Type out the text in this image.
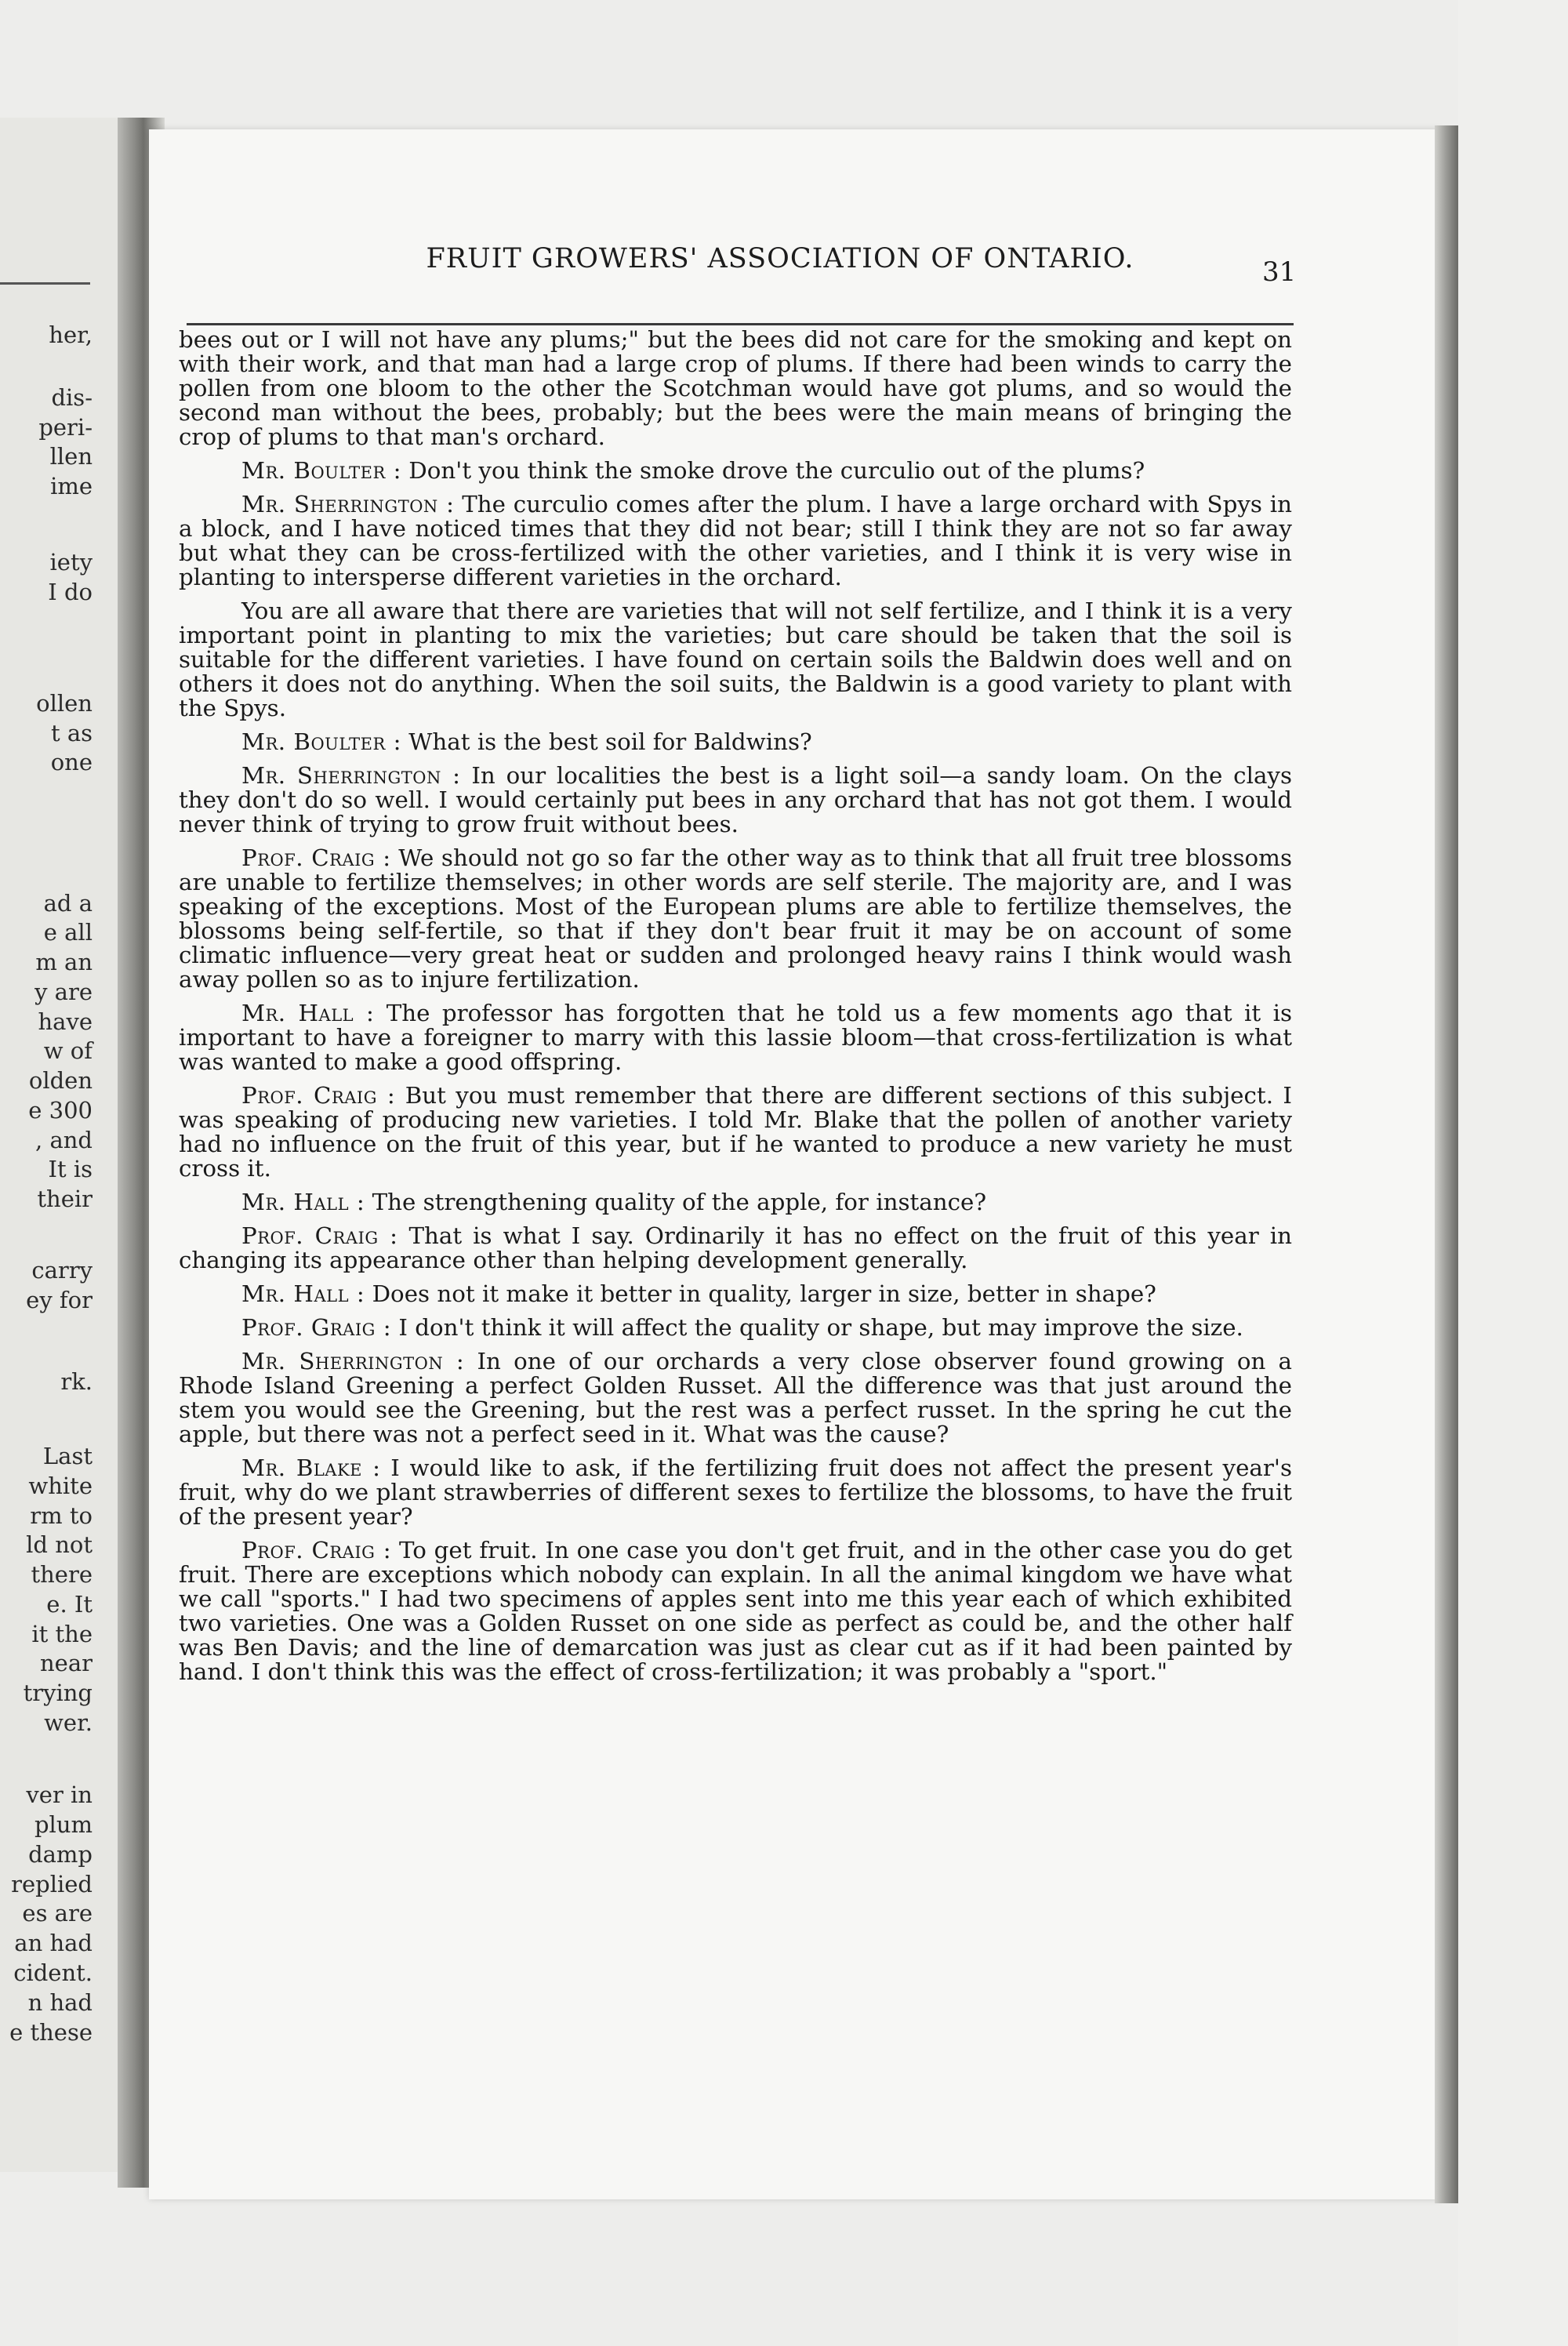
her,
dis-
peri-
llen
ime
iety
I do
ollen
t as
one
ad a
e all
m an
y are
have
w of
olden
e 300
, and
It is
their
carry
ey for
rk.
Last
white
rm to
ld not
there
e. It
it the
near
trying
wer.
ver in
plum
damp
replied
es are
an had
cident.
n had
e these
FRUIT GROWERS' ASSOCIATION OF ONTARIO.	31

bees out or I will not have any plums;" but the bees did not care for the smoking and kept on with their work, and that man had a large crop of plums. If there had been winds to carry the pollen from one bloom to the other the Scotchman would have got plums, and so would the second man without the bees, probably; but the bees were the main means of bringing the crop of plums to that man's orchard.

Mr. Boulter : Don't you think the smoke drove the curculio out of the plums?

Mr. Sherrington : The curculio comes after the plum. I have a large orchard with Spys in a block, and I have noticed times that they did not bear; still I think they are not so far away but what they can be cross-fertilized with the other varieties, and I think it is very wise in planting to intersperse different varieties in the orchard.

You are all aware that there are varieties that will not self fertilize, and I think it is a very important point in planting to mix the varieties; but care should be taken that the soil is suitable for the different varieties. I have found on certain soils the Baldwin does well and on others it does not do anything. When the soil suits, the Baldwin is a good variety to plant with the Spys.

Mr. Boulter : What is the best soil for Baldwins?

Mr. Sherrington : In our localities the best is a light soil—a sandy loam. On the clays they don't do so well. I would certainly put bees in any orchard that has not got them. I would never think of trying to grow fruit without bees.

Prof. Craig : We should not go so far the other way as to think that all fruit tree blossoms are unable to fertilize themselves; in other words are self sterile. The majority are, and I was speaking of the exceptions. Most of the European plums are able to fertilize themselves, the blossoms being self-fertile, so that if they don't bear fruit it may be on account of some climatic influence—very great heat or sudden and prolonged heavy rains I think would wash away pollen so as to injure fertilization.

Mr. Hall : The professor has forgotten that he told us a few moments ago that it is important to have a foreigner to marry with this lassie bloom—that cross-fertilization is what was wanted to make a good offspring.

Prof. Craig : But you must remember that there are different sections of this subject. I was speaking of producing new varieties. I told Mr. Blake that the pollen of another variety had no influence on the fruit of this year, but if he wanted to produce a new variety he must cross it.

Mr. Hall : The strengthening quality of the apple, for instance?

Prof. Craig : That is what I say. Ordinarily it has no effect on the fruit of this year in changing its appearance other than helping development generally.

Mr. Hall : Does not it make it better in quality, larger in size, better in shape?

Prof. Graig : I don't think it will affect the quality or shape, but may improve the size.

Mr. Sherrington : In one of our orchards a very close observer found growing on a Rhode Island Greening a perfect Golden Russet. All the difference was that just around the stem you would see the Greening, but the rest was a perfect russet. In the spring he cut the apple, but there was not a perfect seed in it. What was the cause?

Mr. Blake : I would like to ask, if the fertilizing fruit does not affect the present year's fruit, why do we plant strawberries of different sexes to fertilize the blossoms, to have the fruit of the present year?

Prof. Craig : To get fruit. In one case you don't get fruit, and in the other case you do get fruit. There are exceptions which nobody can explain. In all the animal kingdom we have what we call "sports." I had two specimens of apples sent into me this year each of which exhibited two varieties. One was a Golden Russet on one side as perfect as could be, and the other half was Ben Davis; and the line of demarcation was just as clear cut as if it had been painted by hand. I don't think this was the effect of cross-fertilization; it was probably a "sport."
